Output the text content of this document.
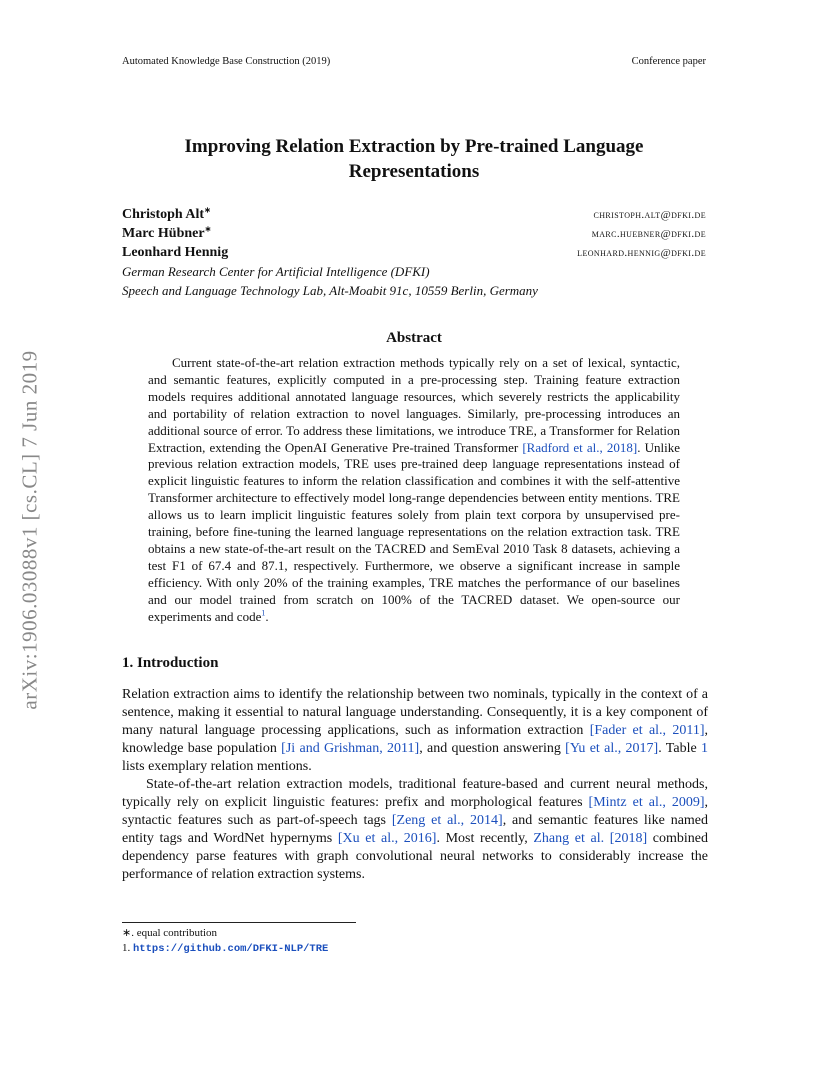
Automated Knowledge Base Construction (2019)	Conference paper
arXiv:1906.03088v1 [cs.CL] 7 Jun 2019
Improving Relation Extraction by Pre-trained Language Representations
Christoph Alt∗	christoph.alt@dfki.de
Marc Hübner∗	marc.huebner@dfki.de
Leonhard Hennig	leonhard.hennig@dfki.de
German Research Center for Artificial Intelligence (DFKI)
Speech and Language Technology Lab, Alt-Moabit 91c, 10559 Berlin, Germany
Abstract
Current state-of-the-art relation extraction methods typically rely on a set of lexical, syntactic, and semantic features, explicitly computed in a pre-processing step. Training feature extraction models requires additional annotated language resources, which severely restricts the applicability and portability of relation extraction to novel languages. Similarly, pre-processing introduces an additional source of error. To address these limitations, we introduce TRE, a Transformer for Relation Extraction, extending the OpenAI Generative Pre-trained Transformer [Radford et al., 2018]. Unlike previous relation extraction models, TRE uses pre-trained deep language representations instead of explicit linguistic features to inform the relation classification and combines it with the self-attentive Transformer architecture to effectively model long-range dependencies between entity mentions. TRE allows us to learn implicit linguistic features solely from plain text corpora by unsupervised pre-training, before fine-tuning the learned language representations on the relation extraction task. TRE obtains a new state-of-the-art result on the TACRED and SemEval 2010 Task 8 datasets, achieving a test F1 of 67.4 and 87.1, respectively. Furthermore, we observe a significant increase in sample efficiency. With only 20% of the training examples, TRE matches the performance of our baselines and our model trained from scratch on 100% of the TACRED dataset. We open-source our experiments and code$^1$.
1. Introduction

Relation extraction aims to identify the relationship between two nominals, typically in the context of a sentence, making it essential to natural language understanding. Consequently, it is a key component of many natural language processing applications, such as information extraction [Fader et al., 2011], knowledge base population [Ji and Grishman, 2011], and question answering [Yu et al., 2017]. Table 1 lists exemplary relation mentions.

State-of-the-art relation extraction models, traditional feature-based and current neural methods, typically rely on explicit linguistic features: prefix and morphological features [Mintz et al., 2009], syntactic features such as part-of-speech tags [Zeng et al., 2014], and semantic features like named entity tags and WordNet hypernyms [Xu et al., 2016]. Most recently, Zhang et al. [2018] combined dependency parse features with graph convolutional neural networks to considerably increase the performance of relation extraction systems.

∗. equal contribution
1. https://github.com/DFKI-NLP/TRE
